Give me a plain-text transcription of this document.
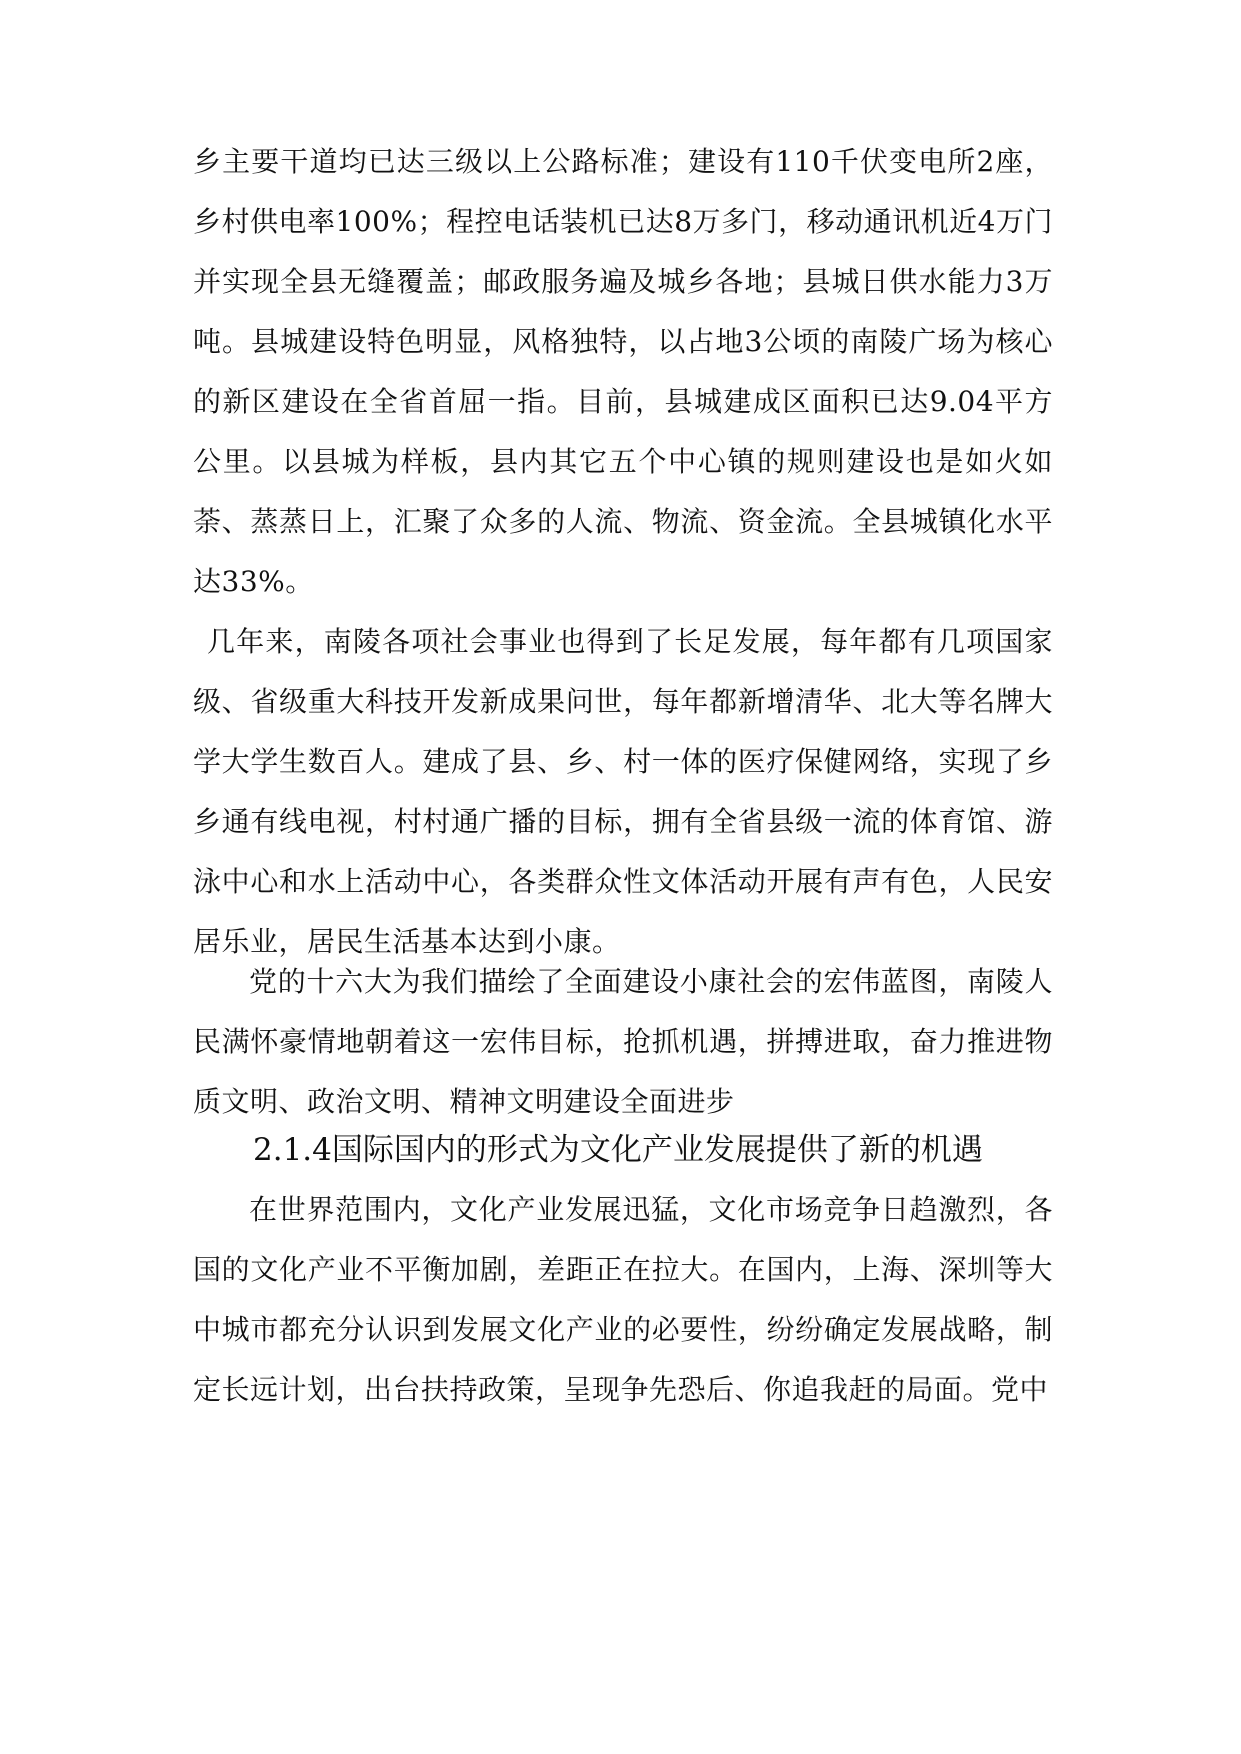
乡主要干道均已达三级以上公路标准；建设有110千伏变电所2座，乡村供电率100%；程控电话装机已达8万多门，移动通讯机近4万门并实现全县无缝覆盖；邮政服务遍及城乡各地；县城日供水能力3万吨。县城建设特色明显，风格独特，以占地3公顷的南陵广场为核心的新区建设在全省首屈一指。目前，县城建成区面积已达9.04平方公里。以县城为样板，县内其它五个中心镇的规则建设也是如火如荼、蒸蒸日上，汇聚了众多的人流、物流、资金流。全县城镇化水平达33%。

几年来，南陵各项社会事业也得到了长足发展，每年都有几项国家级、省级重大科技开发新成果问世，每年都新增清华、北大等名牌大学大学生数百人。建成了县、乡、村一体的医疗保健网络，实现了乡乡通有线电视，村村通广播的目标，拥有全省县级一流的体育馆、游泳中心和水上活动中心，各类群众性文体活动开展有声有色，人民安居乐业，居民生活基本达到小康。

党的十六大为我们描绘了全面建设小康社会的宏伟蓝图，南陵人民满怀豪情地朝着这一宏伟目标，抢抓机遇，拼搏进取，奋力推进物质文明、政治文明、精神文明建设全面进步

2.1.4国际国内的形式为文化产业发展提供了新的机遇

在世界范围内，文化产业发展迅猛，文化市场竞争日趋激烈，各国的文化产业不平衡加剧，差距正在拉大。在国内，上海、深圳等大中城市都充分认识到发展文化产业的必要性，纷纷确定发展战略，制定长远计划，出台扶持政策，呈现争先恐后、你追我赶的局面。党中
